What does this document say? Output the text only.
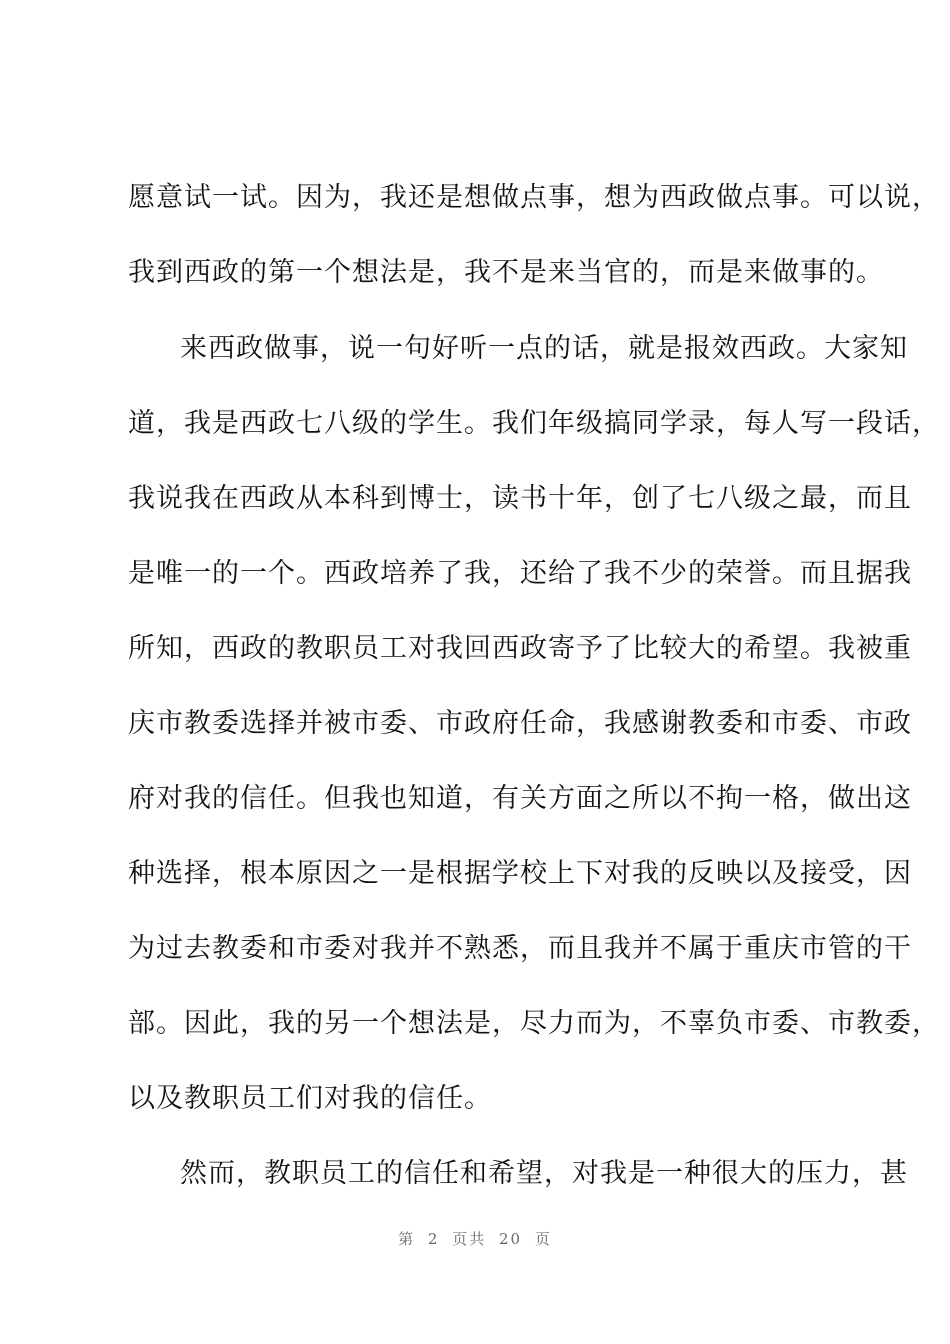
愿意试一试。因为，我还是想做点事，想为西政做点事。可以说，
我到西政的第一个想法是，我不是来当官的，而是来做事的。
来西政做事，说一句好听一点的话，就是报效西政。大家知
道，我是西政七八级的学生。我们年级搞同学录，每人写一段话，
我说我在西政从本科到博士，读书十年，创了七八级之最，而且
是唯一的一个。西政培养了我，还给了我不少的荣誉。而且据我
所知，西政的教职员工对我回西政寄予了比较大的希望。我被重
庆市教委选择并被市委、市政府任命，我感谢教委和市委、市政
府对我的信任。但我也知道，有关方面之所以不拘一格，做出这
种选择，根本原因之一是根据学校上下对我的反映以及接受，因
为过去教委和市委对我并不熟悉，而且我并不属于重庆市管的干
部。因此，我的另一个想法是，尽力而为，不辜负市委、市教委，
以及教职员工们对我的信任。
然而，教职员工的信任和希望，对我是一种很大的压力，甚
第 2 页共 20 页
